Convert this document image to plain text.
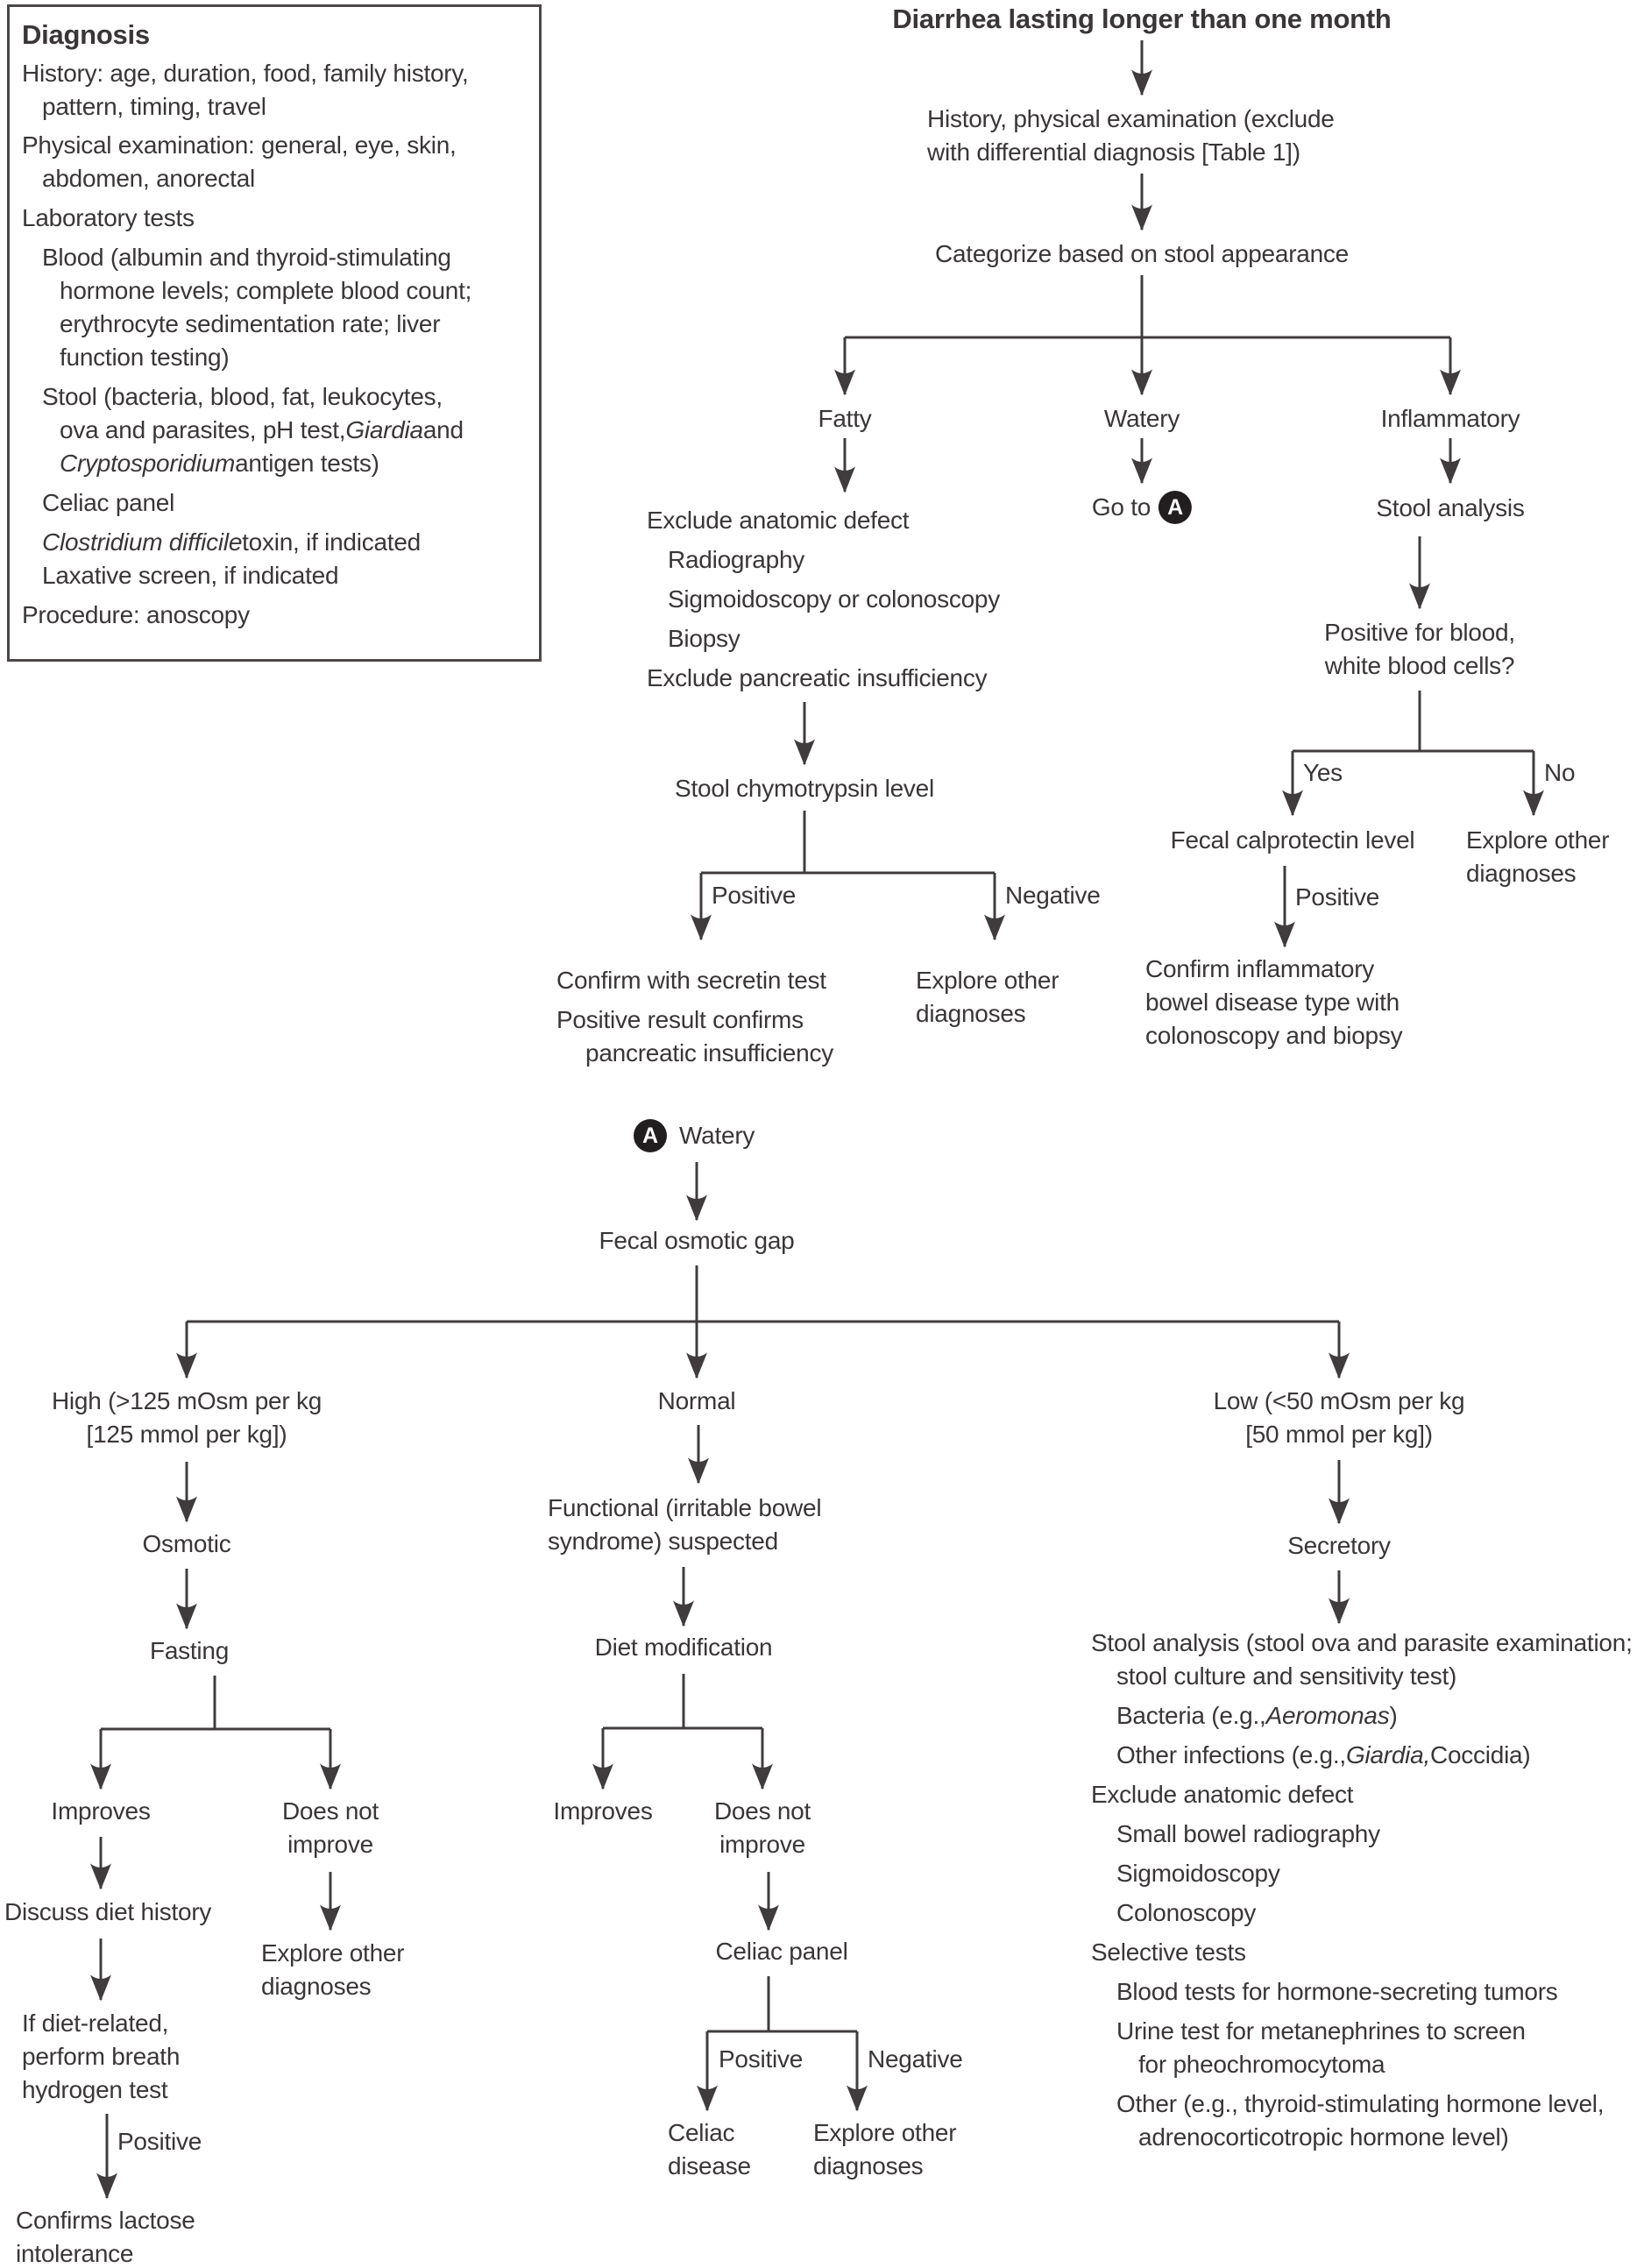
Diagnosis
History: age, duration, food, family history,
pattern, timing, travel
Physical examination: general, eye, skin,
abdomen, anorectal
Laboratory tests
Blood (albumin and thyroid-stimulating
hormone levels; complete blood count;
erythrocyte sedimentation rate; liver
function testing)
Stool (bacteria, blood, fat, leukocytes,
ova and parasites, pH test, Giardia and
Cryptosporidium antigen tests)
Celiac panel
Clostridium difficile toxin, if indicated
Laxative screen, if indicated
Procedure: anoscopy
Diarrhea lasting longer than one month
History, physical examination (exclude
with differential diagnosis [Table 1])
Categorize based on stool appearance
Fatty	Watery	Inflammatory
Go to A	Stool analysis
Exclude anatomic defect
Radiography
Sigmoidoscopy or colonoscopy
Biopsy
Exclude pancreatic insufficiency
Stool chymotrypsin level
Positive	Negative
Confirm with secretin test
Positive result confirms
pancreatic insufficiency
Explore other
diagnoses
Positive for blood,
white blood cells?
Yes	No
Fecal calprotectin level
Positive
Explore other
diagnoses
Confirm inflammatory
bowel disease type with
colonoscopy and biopsy
A Watery
Fecal osmotic gap
High (>125 mOsm per kg
[125 mmol per kg])
Normal	Low (<50 mOsm per kg
[50 mmol per kg])
Osmotic
Fasting
Improves	Does not
improve
Discuss diet history
If diet-related,
perform breath
hydrogen test
Positive
Confirms lactose
intolerance
Explore other
diagnoses
Functional (irritable bowel
syndrome) suspected
Diet modification
Improves	Does not
improve
Celiac panel
Positive	Negative
Celiac
disease
Explore other
diagnoses
Secretory
Stool analysis (stool ova and parasite examination;
stool culture and sensitivity test)
Bacteria (e.g., Aeromonas )
Other infections (e.g., Giardia, Coccidia)
Exclude anatomic defect
Small bowel radiography
Sigmoidoscopy
Colonoscopy
Selective tests
Blood tests for hormone-secreting tumors
Urine test for metanephrines to screen
for pheochromocytoma
Other (e.g., thyroid-stimulating hormone level,
adrenocorticotropic hormone level)
